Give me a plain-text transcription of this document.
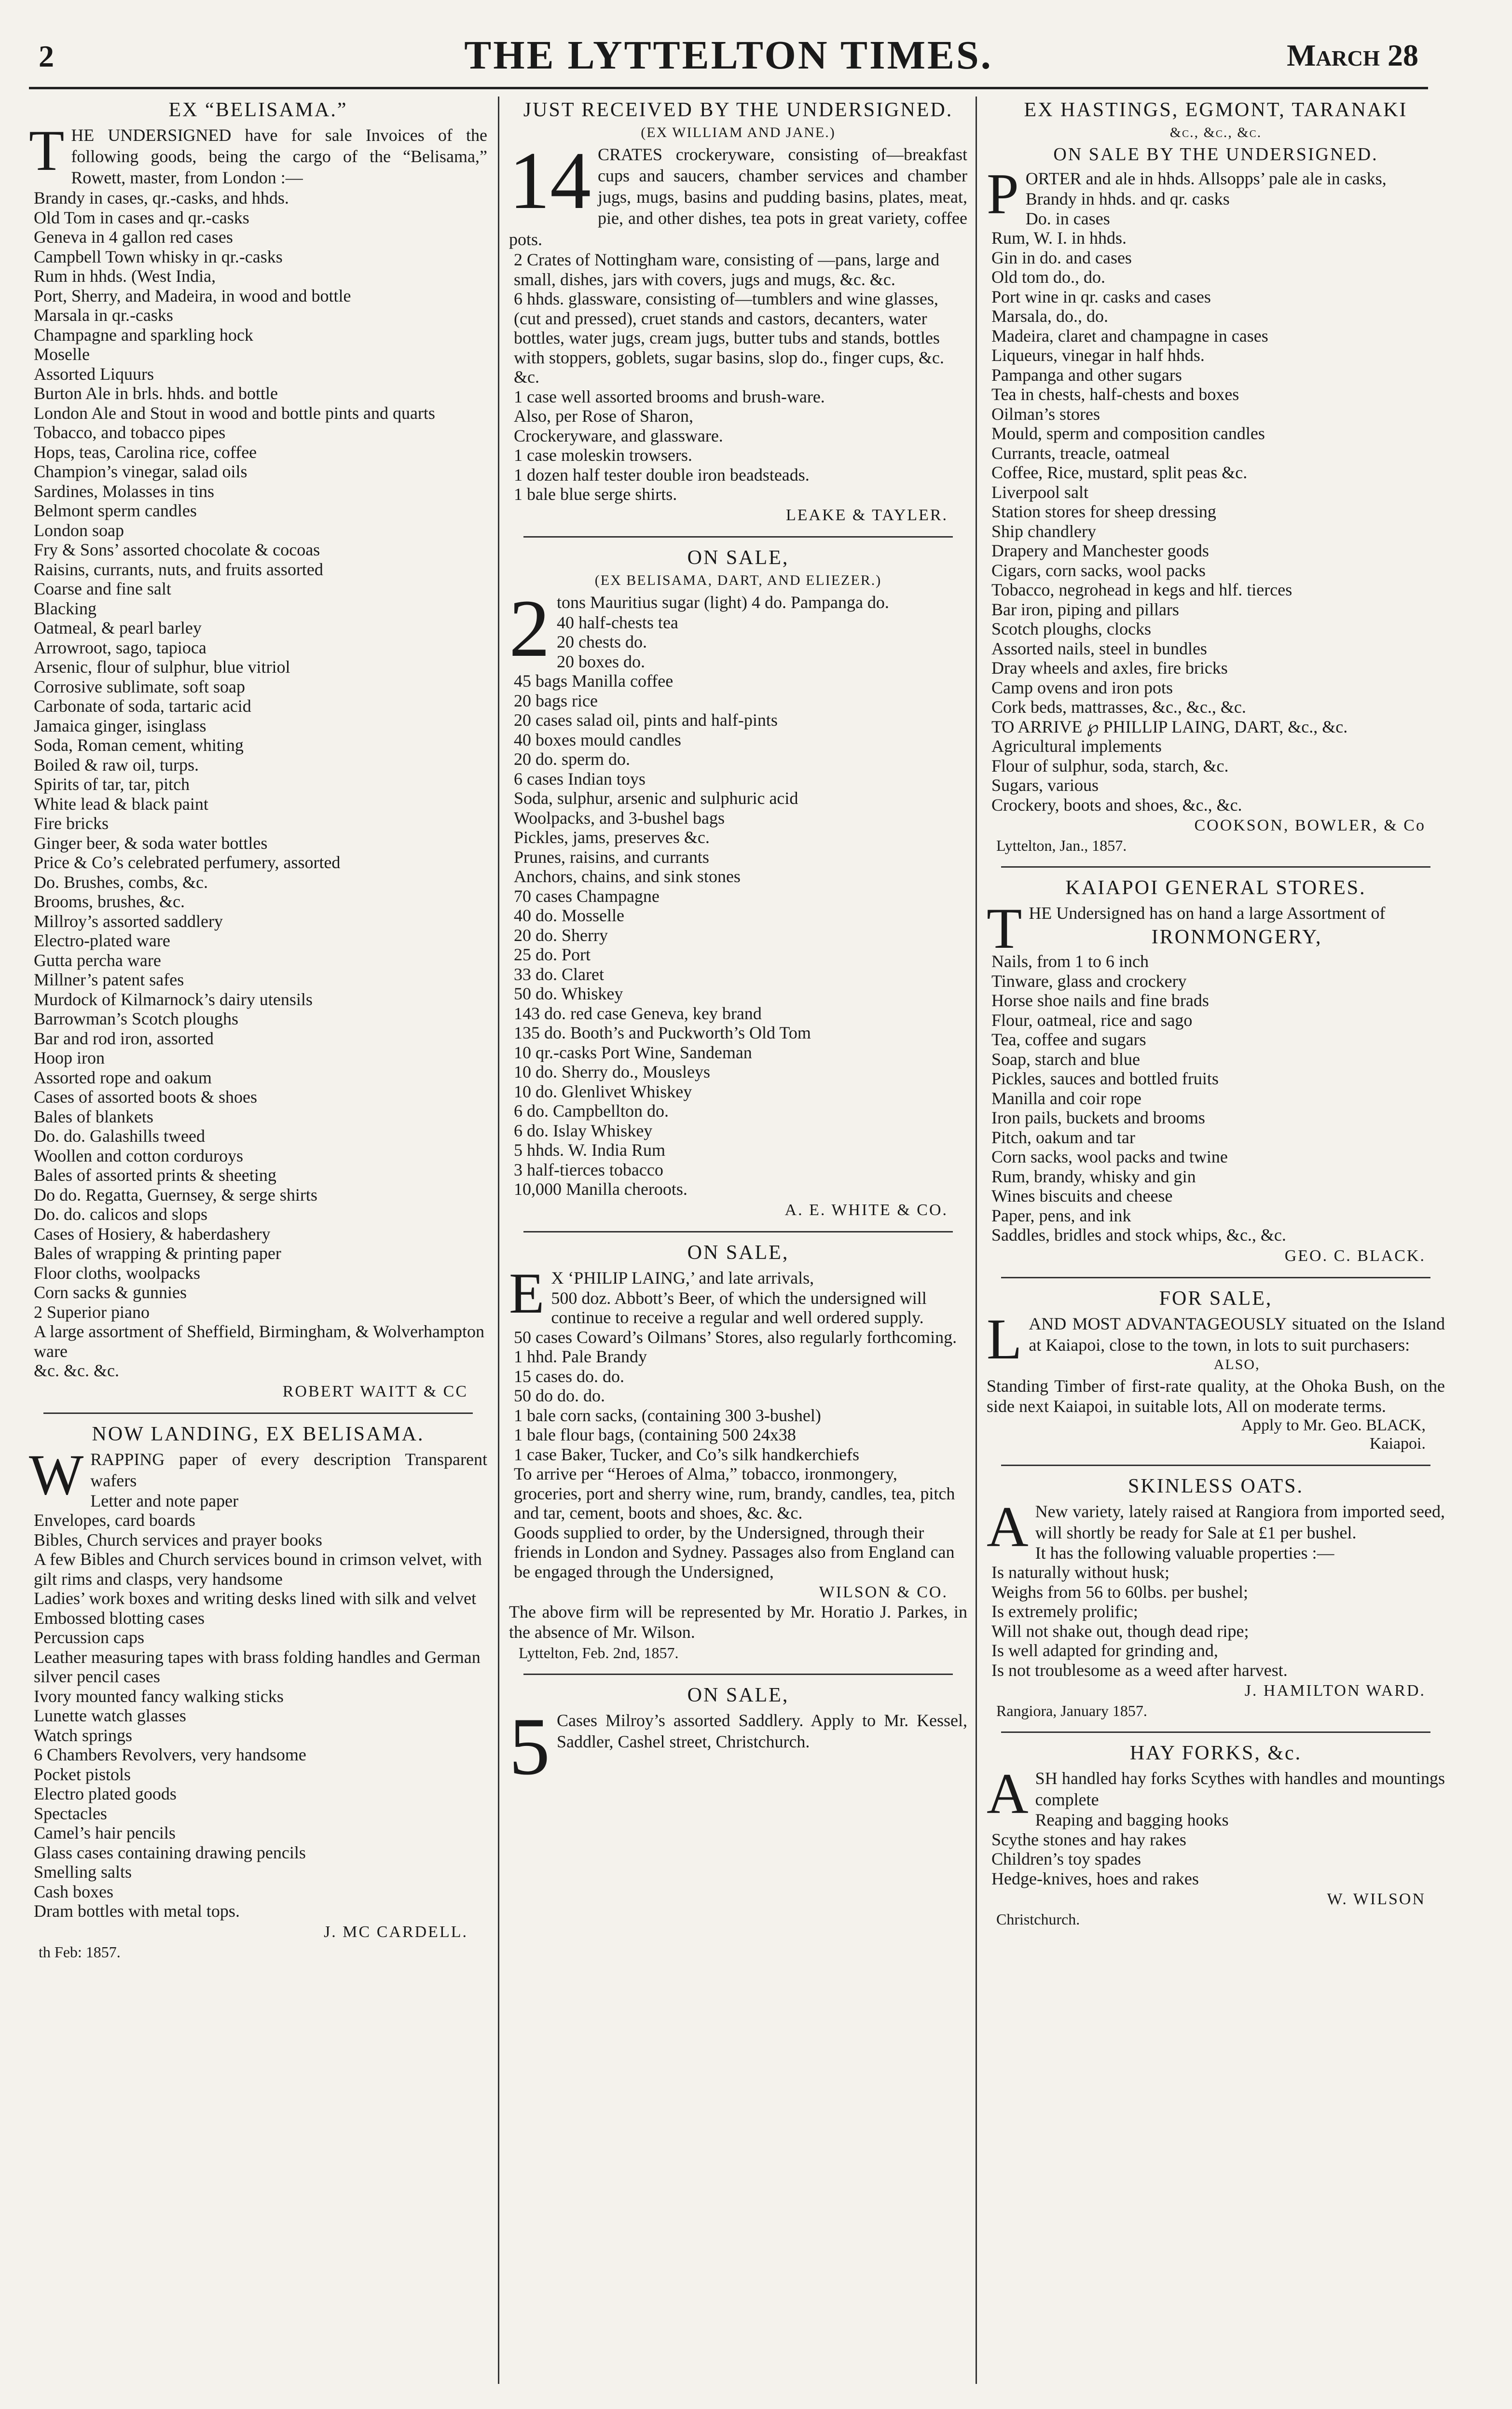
2	THE LYTTELTON TIMES.	March 28
EX “BELISAMA.”
THE UNDERSIGNED have for sale Invoices of the following goods, being the cargo of the “Belisama,” Rowett, master, from London :—
Brandy in cases, qr.-casks, and hhds.
Old Tom in cases and qr.-casks
Geneva in 4 gallon red cases
Campbell Town whisky in qr.-casks
Rum in hhds. (West India,
Port, Sherry, and Madeira, in wood and bottle
Marsala in qr.-casks
Champagne and sparkling hock
Moselle
Assorted Liquurs
Burton Ale in brls. hhds. and bottle
London Ale and Stout in wood and bottle pints and quarts
Tobacco, and tobacco pipes
Hops, teas, Carolina rice, coffee
Champion’s vinegar, salad oils
Sardines, Molasses in tins
Belmont sperm candles
London soap
Fry & Sons’ assorted chocolate & cocoas
Raisins, currants, nuts, and fruits assorted
Coarse and fine salt
Blacking
Oatmeal, & pearl barley
Arrowroot, sago, tapioca
Arsenic, flour of sulphur, blue vitriol
Corrosive sublimate, soft soap
Carbonate of soda, tartaric acid
Jamaica ginger, isinglass
Soda, Roman cement, whiting
Boiled & raw oil, turps.
Spirits of tar, tar, pitch
White lead & black paint
Fire bricks
Ginger beer, & soda water bottles
Price & Co’s celebrated perfumery, assorted
Do. Brushes, combs, &c.
Brooms, brushes, &c.
Millroy’s assorted saddlery
Electro-plated ware
Gutta percha ware
Millner’s patent safes
Murdock of Kilmarnock’s dairy utensils
Barrowman’s Scotch ploughs
Bar and rod iron, assorted
Hoop iron
Assorted rope and oakum
Cases of assorted boots & shoes
Bales of blankets
Do. do. Galashills tweed
Woollen and cotton corduroys
Bales of assorted prints & sheeting
Do do. Regatta, Guernsey, & serge shirts
Do. do. calicos and slops
Cases of Hosiery, & haberdashery
Bales of wrapping & printing paper
Floor cloths, woolpacks
Corn sacks & gunnies
2 Superior piano
A large assortment of Sheffield, Birmingham, & Wolverhampton ware
&c. &c. &c.
ROBERT WAITT & CC
NOW LANDING, EX BELISAMA.
WRAPPING paper of every description Transparent wafers
Letter and note paper
Envelopes, card boards
Bibles, Church services and prayer books
A few Bibles and Church services bound in crimson velvet, with gilt rims and clasps, very handsome
Ladies’ work boxes and writing desks lined with silk and velvet
Embossed blotting cases
Percussion caps
Leather measuring tapes with brass folding handles and German silver pencil cases
Ivory mounted fancy walking sticks
Lunette watch glasses
Watch springs
6 Chambers Revolvers, very handsome
Pocket pistols
Electro plated goods
Spectacles
Camel’s hair pencils
Glass cases containing drawing pencils
Smelling salts
Cash boxes
Dram bottles with metal tops.
J. MC CARDELL.
th Feb: 1857.
JUST RECEIVED BY THE UNDERSIGNED.
(EX WILLIAM AND JANE.)
14 CRATES crockeryware, consisting of—breakfast cups and saucers, chamber services and chamber jugs, mugs, basins and pudding basins, plates, meat, pie, and other dishes, tea pots in great variety, coffee pots.
2 Crates of Nottingham ware, consisting of —pans, large and small, dishes, jars with covers, jugs and mugs, &c. &c.
6 hhds. glassware, consisting of—tumblers and wine glasses, (cut and pressed), cruet stands and castors, decanters, water bottles, water jugs, cream jugs, butter tubs and stands, bottles with stoppers, goblets, sugar basins, slop do., finger cups, &c. &c.
1 case well assorted brooms and brush-ware.
Also, per Rose of Sharon,
Crockeryware, and glassware.
1 case moleskin trowsers.
1 dozen half tester double iron beadsteads.
1 bale blue serge shirts.
LEAKE & TAYLER.
ON SALE,
(EX BELISAMA, DART, AND ELIEZER.)
2 tons Mauritius sugar (light) 4 do. Pampanga do.
40 half-chests tea
20 chests do.
20 boxes do.
45 bags Manilla coffee
20 bags rice
20 cases salad oil, pints and half-pints
40 boxes mould candles
20 do. sperm do.
6 cases Indian toys
Soda, sulphur, arsenic and sulphuric acid
Woolpacks, and 3-bushel bags
Pickles, jams, preserves &c.
Prunes, raisins, and currants
Anchors, chains, and sink stones
70 cases Champagne
40 do. Mosselle
20 do. Sherry
25 do. Port
33 do. Claret
50 do. Whiskey
143 do. red case Geneva, key brand
135 do. Booth’s and Puckworth’s Old Tom
10 qr.-casks Port Wine, Sandeman
10 do. Sherry do., Mousleys
10 do. Glenlivet Whiskey
6 do. Campbellton do.
6 do. Islay Whiskey
5 hhds. W. India Rum
3 half-tierces tobacco
10,000 Manilla cheroots.
A. E. WHITE & CO.
ON SALE,
E X ‘PHILIP LAING,’ and late arrivals,
500 doz. Abbott’s Beer, of which the undersigned will continue to receive a regular and well ordered supply.
50 cases Coward’s Oilmans’ Stores, also regularly forthcoming.
1 hhd. Pale Brandy
15 cases do. do.
50 do do. do.
1 bale corn sacks, (containing 300 3-bushel)
1 bale flour bags, (containing 500 24x38
1 case Baker, Tucker, and Co’s silk handkerchiefs
To arrive per “Heroes of Alma,” tobacco, ironmongery, groceries, port and sherry wine, rum, brandy, candles, tea, pitch and tar, cement, boots and shoes, &c. &c.
Goods supplied to order, by the Undersigned, through their friends in London and Sydney. Passages also from England can be engaged through the Undersigned,
WILSON & CO.

The above firm will be represented by Mr. Horatio J. Parkes, in the absence of Mr. Wilson.

Lyttelton, Feb. 2nd, 1857.
ON SALE,
5 Cases Milroy’s assorted Saddlery. Apply to Mr. Kessel, Saddler, Cashel street, Christchurch.
EX HASTINGS, EGMONT, TARANAKI
&c., &c., &c.
ON SALE BY THE UNDERSIGNED.
PORTER and ale in hhds. Allsopps’ pale ale in casks,
Brandy in hhds. and qr. casks
Do. in cases
Rum, W. I. in hhds.
Gin in do. and cases
Old tom do., do.
Port wine in qr. casks and cases
Marsala, do., do.
Madeira, claret and champagne in cases
Liqueurs, vinegar in half hhds.
Pampanga and other sugars
Tea in chests, half-chests and boxes
Oilman’s stores
Mould, sperm and composition candles
Currants, treacle, oatmeal
Coffee, Rice, mustard, split peas &c.
Liverpool salt
Station stores for sheep dressing
Ship chandlery
Drapery and Manchester goods
Cigars, corn sacks, wool packs
Tobacco, negrohead in kegs and hlf. tierces
Bar iron, piping and pillars
Scotch ploughs, clocks
Assorted nails, steel in bundles
Dray wheels and axles, fire bricks
Camp ovens and iron pots
Cork beds, mattrasses, &c., &c., &c.
TO ARRIVE ℘ PHILLIP LAING, DART, &c., &c.
Agricultural implements
Flour of sulphur, soda, starch, &c.
Sugars, various
Crockery, boots and shoes, &c., &c.
COOKSON, BOWLER, & Co
Lyttelton, Jan., 1857.
KAIAPOI GENERAL STORES.
THE Undersigned has on hand a large Assortment of
IRONMONGERY,
Nails, from 1 to 6 inch
Tinware, glass and crockery
Horse shoe nails and fine brads
Flour, oatmeal, rice and sago
Tea, coffee and sugars
Soap, starch and blue
Pickles, sauces and bottled fruits
Manilla and coir rope
Iron pails, buckets and brooms
Pitch, oakum and tar
Corn sacks, wool packs and twine
Rum, brandy, whisky and gin
Wines biscuits and cheese
Paper, pens, and ink
Saddles, bridles and stock whips, &c., &c.
GEO. C. BLACK.
FOR SALE,
LAND MOST ADVANTAGEOUSLY situated on the Island at Kaiapoi, close to the town, in lots to suit purchasers:
ALSO,

Standing Timber of first-rate quality, at the Ohoka Bush, on the side next Kaiapoi, in suitable lots, All on moderate terms.

Apply to Mr. Geo. BLACK,
Kaiapoi.
SKINLESS OATS.
A New variety, lately raised at Rangiora from imported seed, will shortly be ready for Sale at £1 per bushel.
It has the following valuable properties :—
Is naturally without husk;
Weighs from 56 to 60lbs. per bushel;
Is extremely prolific;
Will not shake out, though dead ripe;
Is well adapted for grinding and,
Is not troublesome as a weed after harvest.
J. HAMILTON WARD.
Rangiora, January 1857.
HAY FORKS, &c.
ASH handled hay forks Scythes with handles and mountings complete
Reaping and bagging hooks
Scythe stones and hay rakes
Children’s toy spades
Hedge-knives, hoes and rakes
W. WILSON
Christchurch.
